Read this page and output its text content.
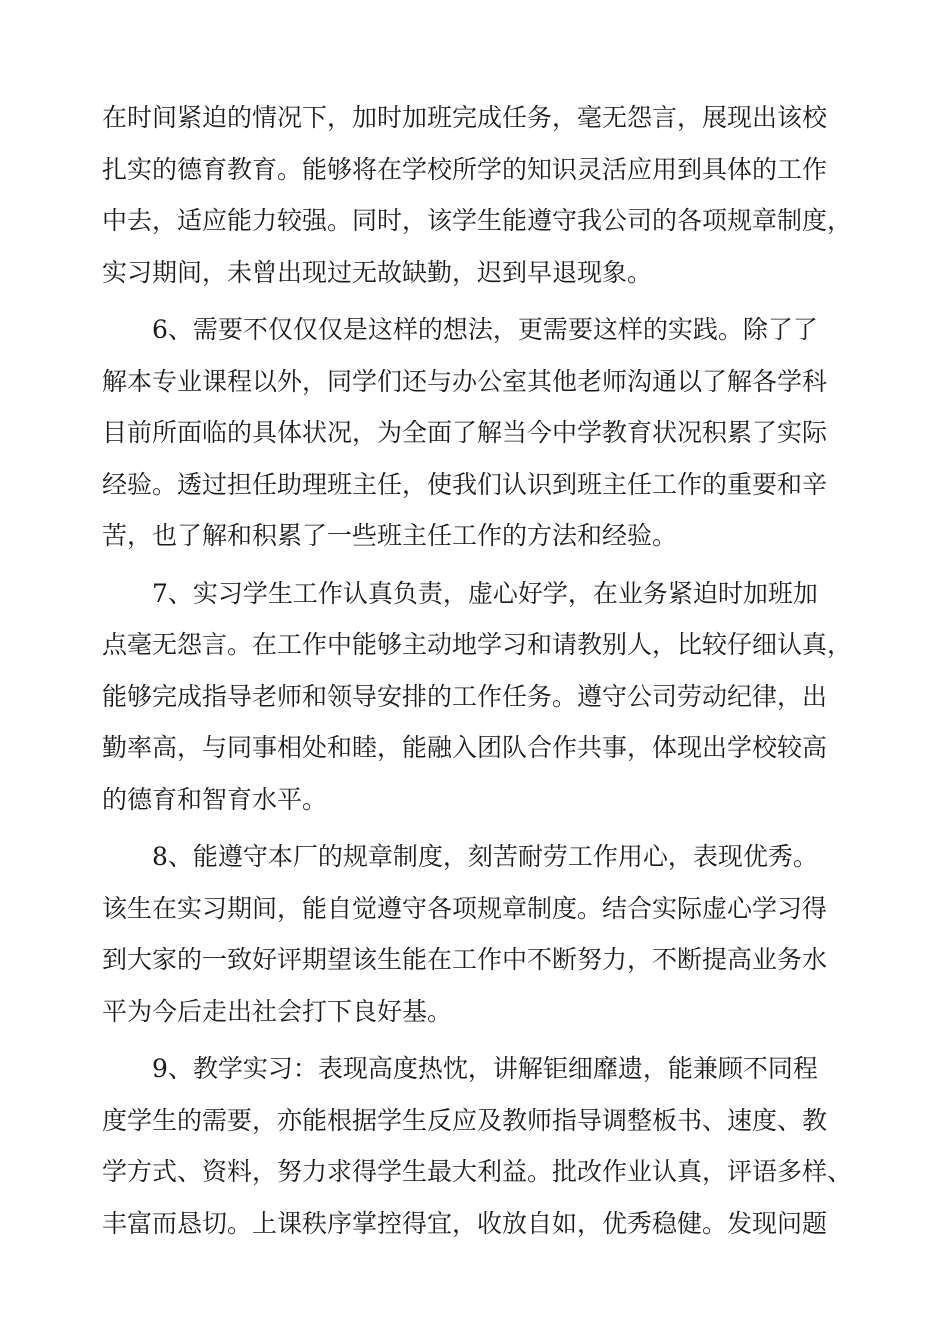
在时间紧迫的情况下，加时加班完成任务，毫无怨言，展现出该校
扎实的德育教育。能够将在学校所学的知识灵活应用到具体的工作
中去，适应能力较强。同时，该学生能遵守我公司的各项规章制度，
实习期间，未曾出现过无故缺勤，迟到早退现象。
6、需要不仅仅仅是这样的想法，更需要这样的实践。除了了
解本专业课程以外，同学们还与办公室其他老师沟通以了解各学科
目前所面临的具体状况，为全面了解当今中学教育状况积累了实际
经验。透过担任助理班主任，使我们认识到班主任工作的重要和辛
苦，也了解和积累了一些班主任工作的方法和经验。
7、实习学生工作认真负责，虚心好学，在业务紧迫时加班加
点毫无怨言。在工作中能够主动地学习和请教别人，比较仔细认真，
能够完成指导老师和领导安排的工作任务。遵守公司劳动纪律，出
勤率高，与同事相处和睦，能融入团队合作共事，体现出学校较高
的德育和智育水平。
8、能遵守本厂的规章制度，刻苦耐劳工作用心，表现优秀。
该生在实习期间，能自觉遵守各项规章制度。结合实际虚心学习得
到大家的一致好评期望该生能在工作中不断努力，不断提高业务水
平为今后走出社会打下良好基。
9、教学实习：表现高度热忱，讲解钜细靡遗，能兼顾不同程
度学生的需要，亦能根据学生反应及教师指导调整板书、速度、教
学方式、资料，努力求得学生最大利益。批改作业认真，评语多样、
丰富而恳切。上课秩序掌控得宜，收放自如，优秀稳健。发现问题
